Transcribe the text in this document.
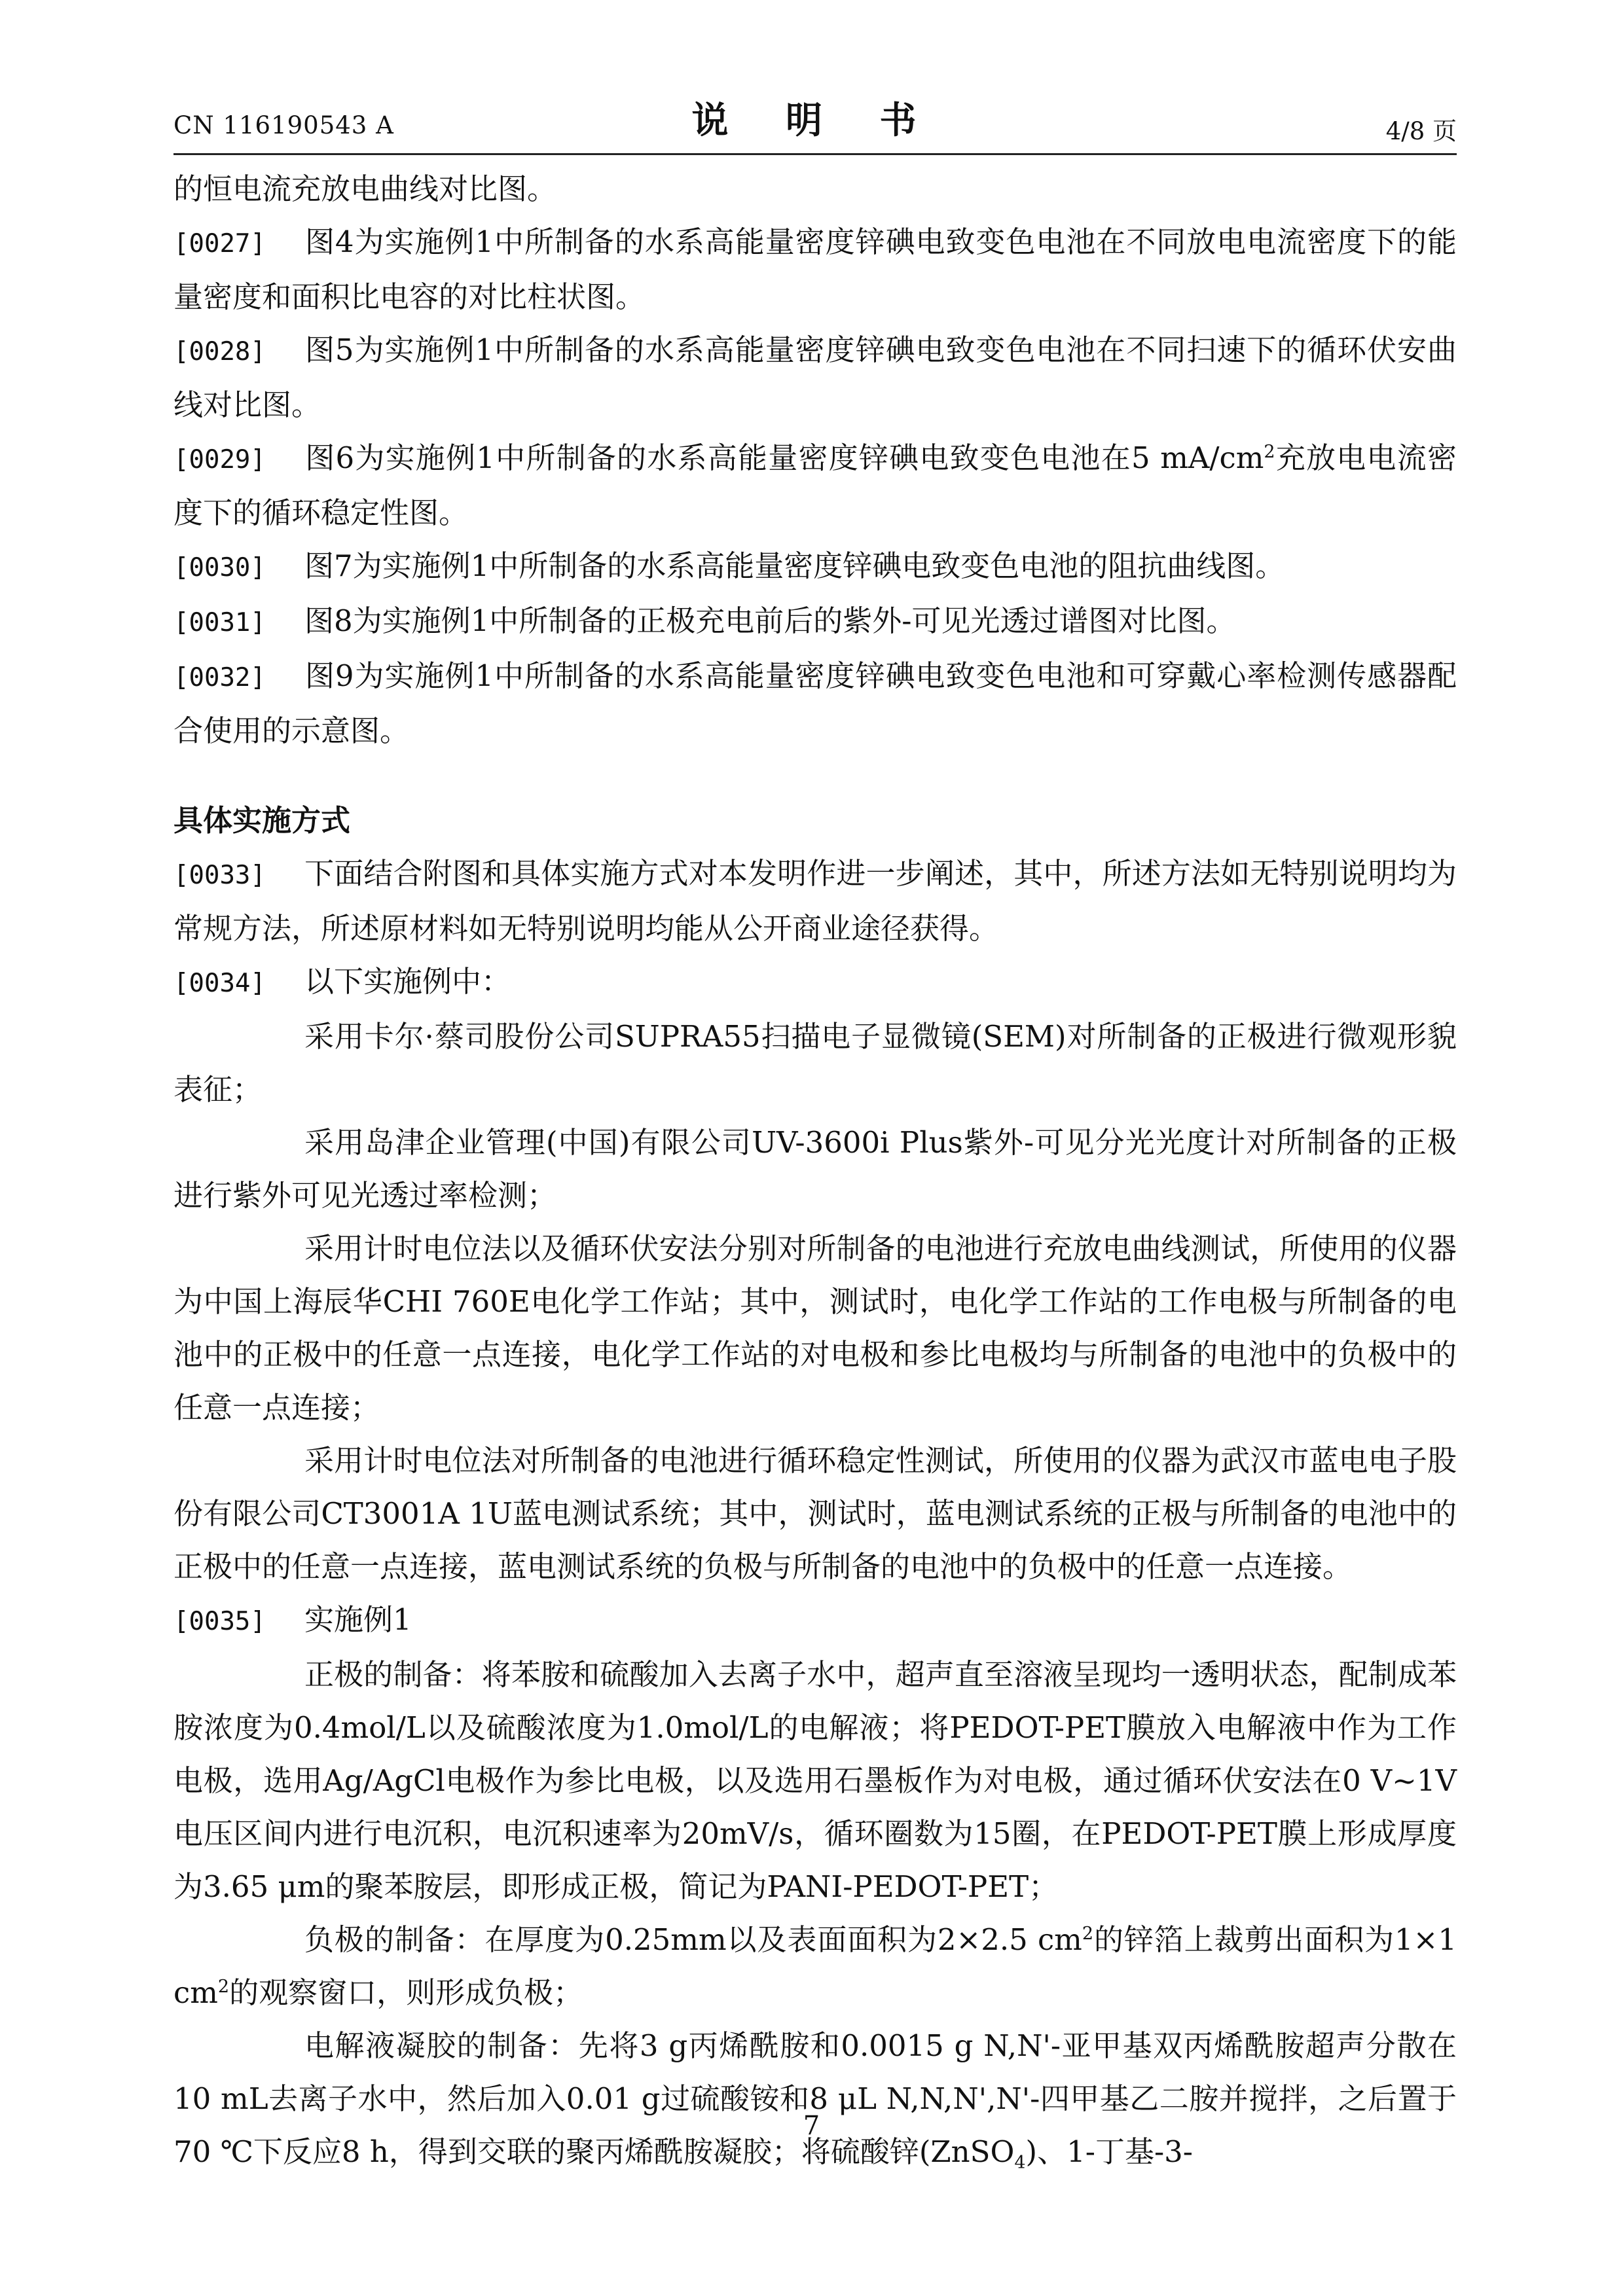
CN 116190543 A	说 明 书	4/8 页

的恒电流充放电曲线对比图。

[0027] 图4为实施例1中所制备的水系高能量密度锌碘电致变色电池在不同放电电流密度下的能量密度和面积比电容的对比柱状图。

[0028] 图5为实施例1中所制备的水系高能量密度锌碘电致变色电池在不同扫速下的循环伏安曲线对比图。

[0029] 图6为实施例1中所制备的水系高能量密度锌碘电致变色电池在5 $mA/cm^2$充放电电流密度下的循环稳定性图。

[0030] 图7为实施例1中所制备的水系高能量密度锌碘电致变色电池的阻抗曲线图。

[0031] 图8为实施例1中所制备的正极充电前后的紫外-可见光透过谱图对比图。

[0032] 图9为实施例1中所制备的水系高能量密度锌碘电致变色电池和可穿戴心率检测传感器配合使用的示意图。

具体实施方式

[0033] 下面结合附图和具体实施方式对本发明作进一步阐述，其中，所述方法如无特别说明均为常规方法，所述原材料如无特别说明均能从公开商业途径获得。

[0034] 以下实施例中：

采用卡尔·蔡司股份公司SUPRA55扫描电子显微镜(SEM)对所制备的正极进行微观形貌表征；

采用岛津企业管理(中国)有限公司UV-3600i Plus紫外-可见分光光度计对所制备的正极进行紫外可见光透过率检测；

采用计时电位法以及循环伏安法分别对所制备的电池进行充放电曲线测试，所使用的仪器为中国上海辰华CHI 760E电化学工作站；其中，测试时，电化学工作站的工作电极与所制备的电池中的正极中的任意一点连接，电化学工作站的对电极和参比电极均与所制备的电池中的负极中的任意一点连接；

采用计时电位法对所制备的电池进行循环稳定性测试，所使用的仪器为武汉市蓝电电子股份有限公司CT3001A 1U蓝电测试系统；其中，测试时，蓝电测试系统的正极与所制备的电池中的正极中的任意一点连接，蓝电测试系统的负极与所制备的电池中的负极中的任意一点连接。

[0035] 实施例1

正极的制备：将苯胺和硫酸加入去离子水中，超声直至溶液呈现均一透明状态，配制成苯胺浓度为0.4mol/L以及硫酸浓度为1.0mol/L的电解液；将PEDOT-PET膜放入电解液中作为工作电极，选用Ag/AgCl电极作为参比电极，以及选用石墨板作为对电极，通过循环伏安法在0 V~1V电压区间内进行电沉积，电沉积速率为20mV/s，循环圈数为15圈，在PEDOT-PET膜上形成厚度为3.65 μm的聚苯胺层，即形成正极，简记为PANI-PEDOT-PET；

负极的制备：在厚度为0.25mm以及表面面积为2×2.5 $cm^2$的锌箔上裁剪出面积为1×1 $cm^2$的观察窗口，则形成负极；

电解液凝胶的制备：先将3 g丙烯酰胺和0.0015 g N,N'-亚甲基双丙烯酰胺超声分散在10 mL去离子水中，然后加入0.01 g过硫酸铵和8 μL N,N,N',N'-四甲基乙二胺并搅拌，之后置于70 ℃下反应8 h，得到交联的聚丙烯酰胺凝胶；将硫酸锌(ZnSO$_4$)、1-丁基-3-

7
